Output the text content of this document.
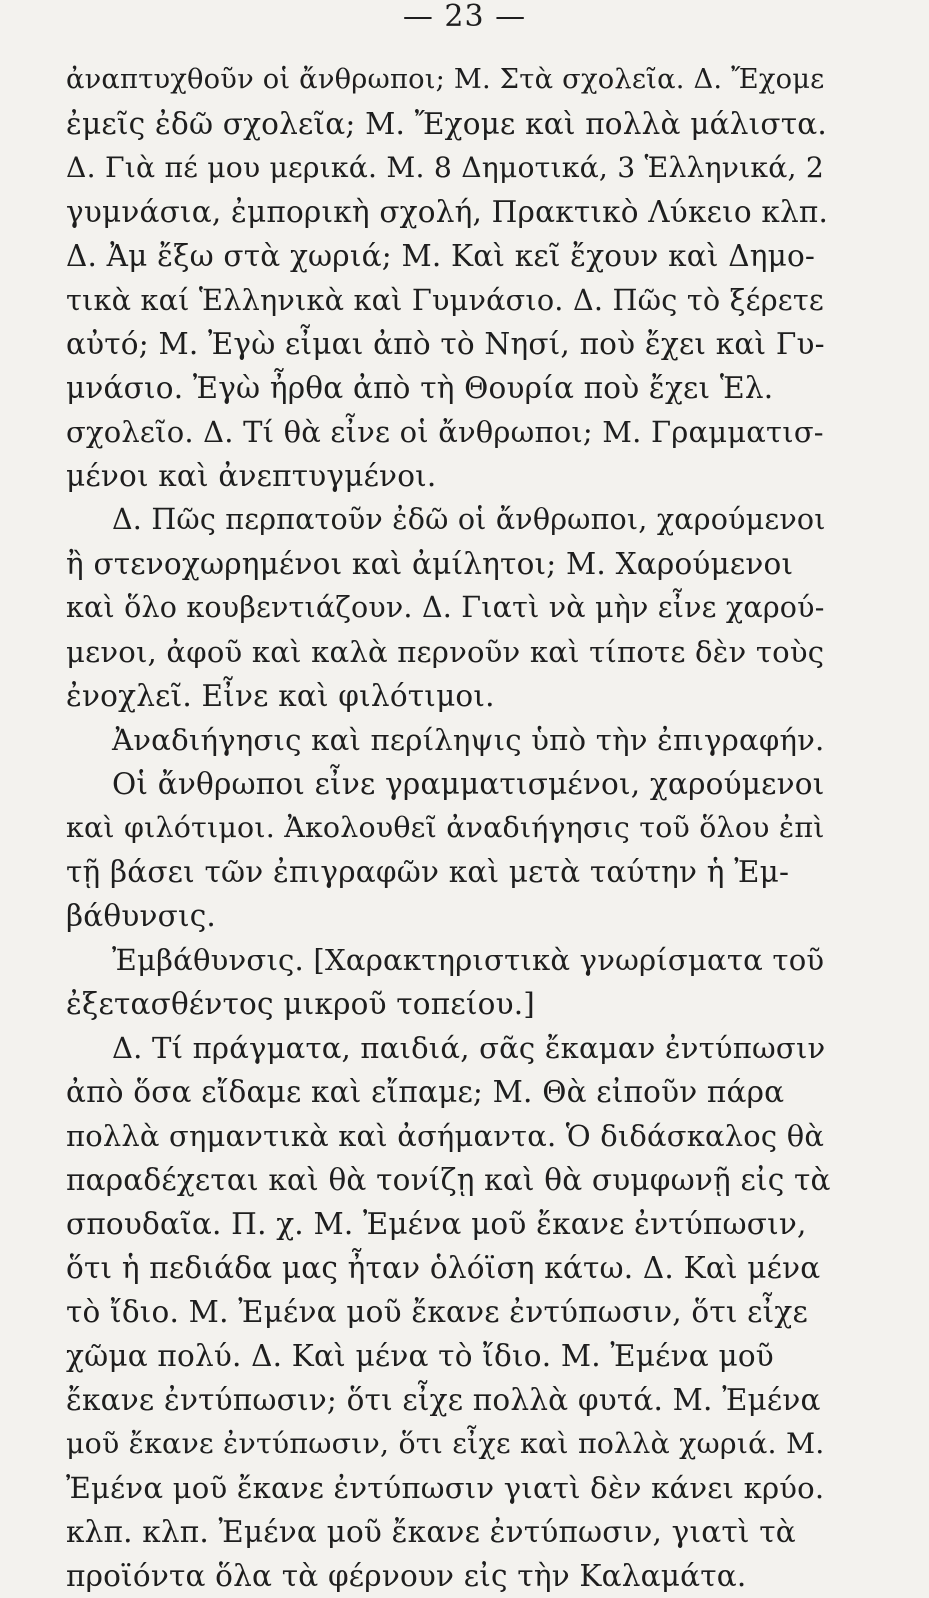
— 23 —
ἀναπτυχθοῦν οἱ ἄνθρωποι; Μ. Στὰ σχολεῖα. Δ. Ἔχομε
ἐμεῖς ἐδῶ σχολεῖα; Μ. Ἔχομε καὶ πολλὰ μάλιστα.
Δ. Γιὰ πέ μου μερικά. Μ. 8 Δημοτικά, 3 Ἑλληνικά, 2
γυμνάσια, ἐμπορικὴ σχολή, Πρακτικὸ Λύκειο κλπ.
Δ. Ἀμ ἔξω στὰ χωριά; Μ. Καὶ κεῖ ἔχουν καὶ Δημο-
τικὰ καί Ἑλληνικὰ καὶ Γυμνάσιο. Δ. Πῶς τὸ ξέρετε
αὐτό; Μ. Ἐγὼ εἶμαι ἀπὸ τὸ Νησί, ποὺ ἔχει καὶ Γυ-
μνάσιο. Ἐγὼ ἦρθα ἀπὸ τὴ Θουρία ποὺ ἔχει Ἑλ.
σχολεῖο. Δ. Τί θὰ εἶνε οἱ ἄνθρωποι; Μ. Γραμματισ-
μένοι καὶ ἀνεπτυγμένοι.
Δ. Πῶς περπατοῦν ἐδῶ οἱ ἄνθρωποι, χαρούμενοι
ἢ στενοχωρημένοι καὶ ἀμίλητοι; Μ. Χαρούμενοι
καὶ ὅλο κουβεντιάζουν. Δ. Γιατὶ νὰ μὴν εἶνε χαρού-
μενοι, ἀφοῦ καὶ καλὰ περνοῦν καὶ τίποτε δὲν τοὺς
ἐνοχλεῖ. Εἶνε καὶ φιλότιμοι.
Ἀναδιήγησις καὶ περίληψις ὑπὸ τὴν ἐπιγραφήν.
Οἱ ἄνθρωποι εἶνε γραμματισμένοι, χαρούμενοι
καὶ φιλότιμοι. Ἀκολουθεῖ ἀναδιήγησις τοῦ ὅλου ἐπὶ
τῇ βάσει τῶν ἐπιγραφῶν καὶ μετὰ ταύτην ἡ Ἐμ-
βάθυνσις.
Ἐμβάθυνσις. [Χαρακτηριστικὰ γνωρίσματα τοῦ
ἐξετασθέντος μικροῦ τοπείου.]
Δ. Τί πράγματα, παιδιά, σᾶς ἔκαμαν ἐντύπωσιν
ἀπὸ ὅσα εἴδαμε καὶ εἴπαμε; Μ. Θὰ εἰποῦν πάρα
πολλὰ σημαντικὰ καὶ ἀσήμαντα. Ὁ διδάσκαλος θὰ
παραδέχεται καὶ θὰ τονίζῃ καὶ θὰ συμφωνῇ εἰς τὰ
σπουδαῖα. Π. χ. Μ. Ἐμένα μοῦ ἔκανε ἐντύπωσιν,
ὅτι ἡ πεδιάδα μας ἦταν ὁλόϊση κάτω. Δ. Καὶ μένα
τὸ ἴδιο. Μ. Ἐμένα μοῦ ἔκανε ἐντύπωσιν, ὅτι εἶχε
χῶμα πολύ. Δ. Καὶ μένα τὸ ἴδιο. Μ. Ἐμένα μοῦ
ἔκανε ἐντύπωσιν; ὅτι εἶχε πολλὰ φυτά. Μ. Ἐμένα
μοῦ ἔκανε ἐντύπωσιν, ὅτι εἶχε καὶ πολλὰ χωριά. Μ.
Ἐμένα μοῦ ἔκανε ἐντύπωσιν γιατὶ δὲν κάνει κρύο.
κλπ. κλπ. Ἐμένα μοῦ ἔκανε ἐντύπωσιν, γιατὶ τὰ
προϊόντα ὅλα τὰ φέρνουν εἰς τὴν Καλαμάτα.
